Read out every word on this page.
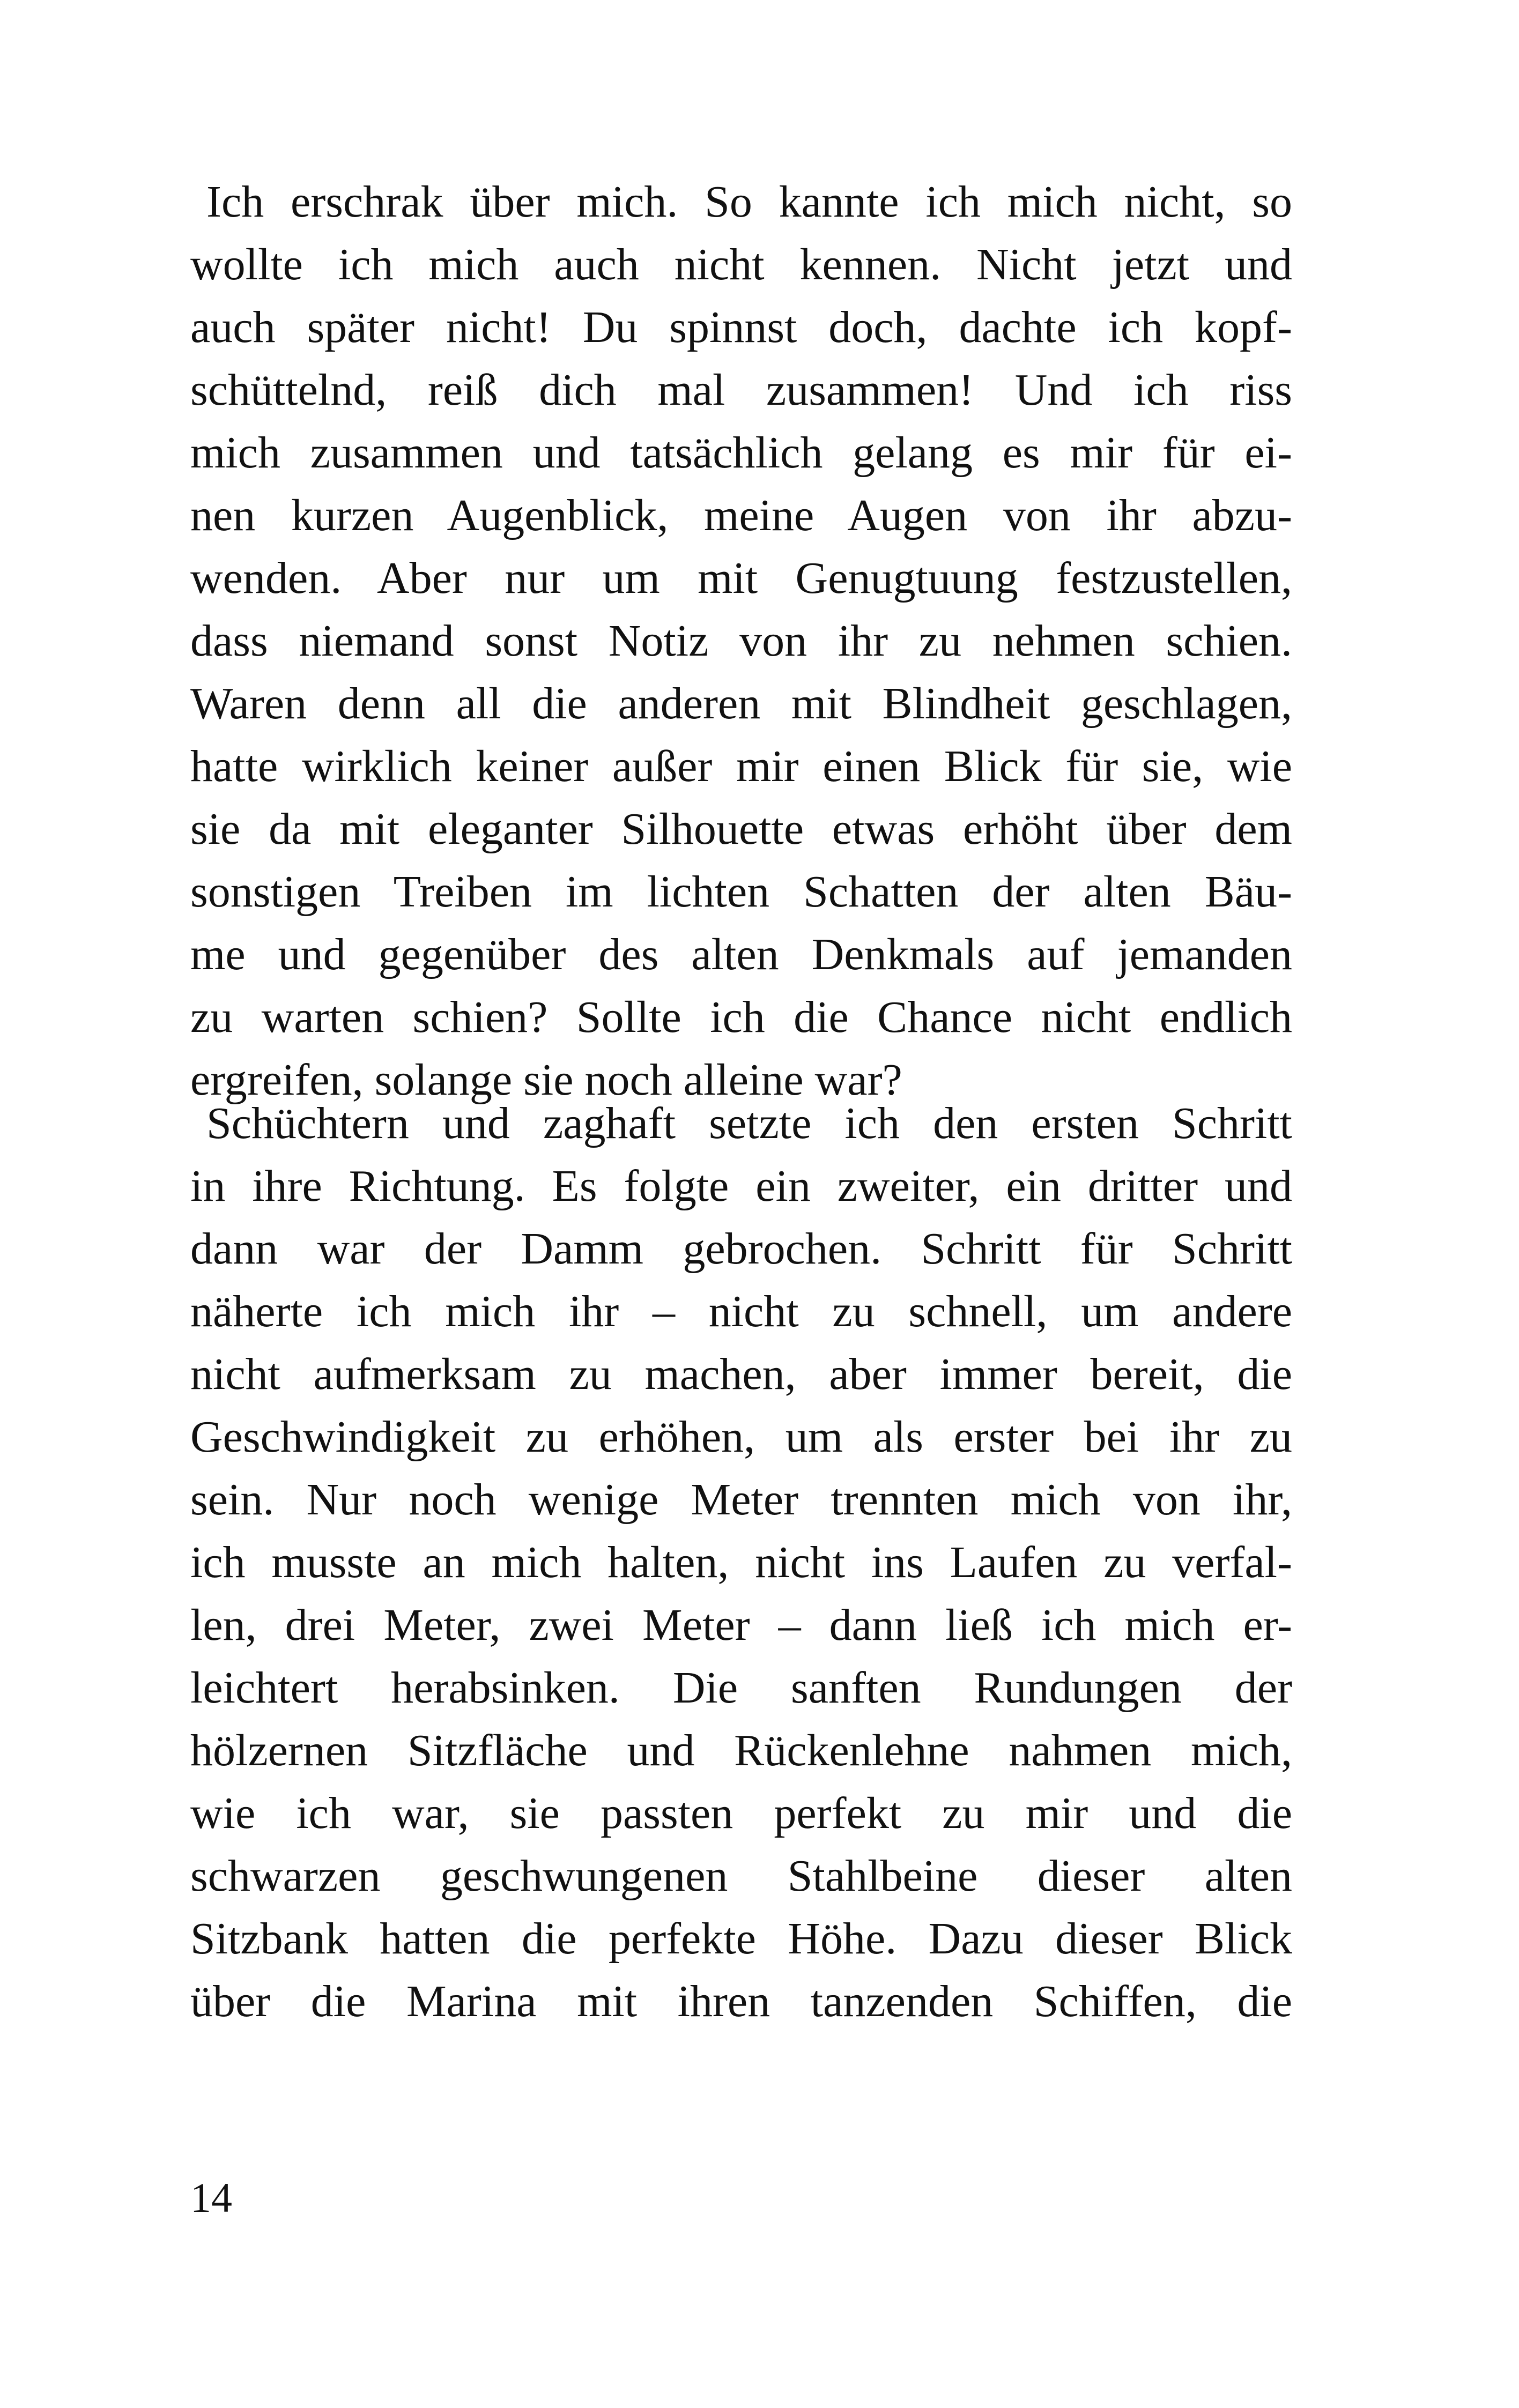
Ich erschrak über mich. So kannte ich mich nicht, so
wollte ich mich auch nicht kennen. Nicht jetzt und
auch später nicht! Du spinnst doch, dachte ich kopf-
schüttelnd, reiß dich mal zusammen! Und ich riss
mich zusammen und tatsächlich gelang es mir für ei-
nen kurzen Augenblick, meine Augen von ihr abzu-
wenden. Aber nur um mit Genugtuung festzustellen,
dass niemand sonst Notiz von ihr zu nehmen schien.
Waren denn all die anderen mit Blindheit geschlagen,
hatte wirklich keiner außer mir einen Blick für sie, wie
sie da mit eleganter Silhouette etwas erhöht über dem
sonstigen Treiben im lichten Schatten der alten Bäu-
me und gegenüber des alten Denkmals auf jemanden
zu warten schien? Sollte ich die Chance nicht endlich
ergreifen, solange sie noch alleine war?
Schüchtern und zaghaft setzte ich den ersten Schritt
in ihre Richtung. Es folgte ein zweiter, ein dritter und
dann war der Damm gebrochen. Schritt für Schritt
näherte ich mich ihr – nicht zu schnell, um andere
nicht aufmerksam zu machen, aber immer bereit, die
Geschwindigkeit zu erhöhen, um als erster bei ihr zu
sein. Nur noch wenige Meter trennten mich von ihr,
ich musste an mich halten, nicht ins Laufen zu verfal-
len, drei Meter, zwei Meter – dann ließ ich mich er-
leichtert herabsinken. Die sanften Rundungen der
hölzernen Sitzfläche und Rückenlehne nahmen mich,
wie ich war, sie passten perfekt zu mir und die
schwarzen geschwungenen Stahlbeine dieser alten
Sitzbank hatten die perfekte Höhe. Dazu dieser Blick
über die Marina mit ihren tanzenden Schiffen, die
14
